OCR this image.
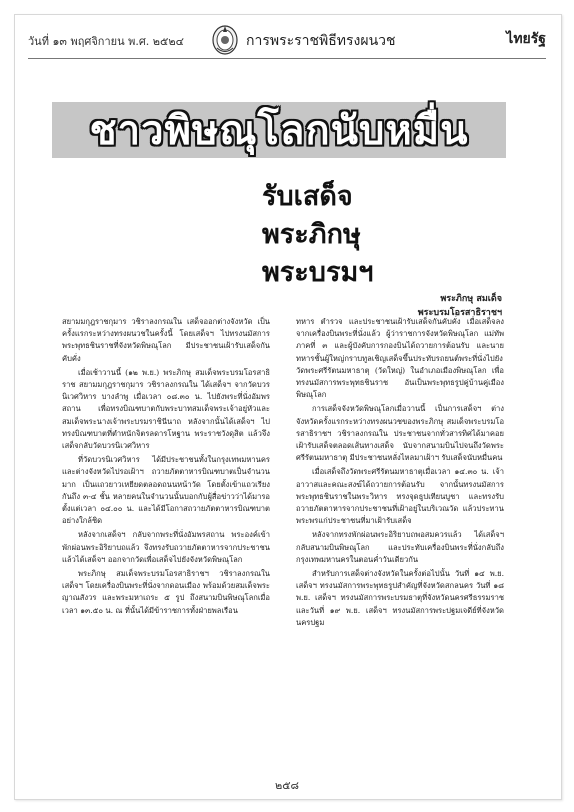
วันที่ ๑๓ พฤศจิกายน พ.ศ. ๒๕๒๔	การพระราชพิธีทรงผนวช	ไทยรัฐ
ชาวพิษณุโลกนับหมื่น
รับเสด็จ
พระภิกษุ
พระบรมฯ
พระภิกษุ สมเด็จ
พระบรมโอรสาธิราชฯ

สยามมกุฎราชกุมาร วชิราลงกรณใน เสด็จออกต่างจังหวัด เป็นครั้งแรกระหว่างทรงผนวชในครั้งนี้ โดยเสด็จฯ ไปทรงนมัสการพระพุทธชินราชที่จังหวัดพิษณุโลก มีประชาชนเฝ้ารับเสด็จกันคับคั่ง

เมื่อเช้าวานนี้ (๑๒ พ.ย.) พระภิกษุ สมเด็จพระบรมโอรสาธิราช สยามมกุฎราชกุมาร วชิราลงกรณใน ได้เสด็จฯ จากวัดบวรนิเวศวิหาร บางลำพู เมื่อเวลา ๐๘.๓๐ น. ไปยังพระที่นั่งอัมพรสถาน เพื่อทรงบิณฑบาตกับพระบาทสมเด็จพระเจ้าอยู่หัวและสมเด็จพระนางเจ้าพระบรมราชินีนาถ หลังจากนั้นได้เสด็จฯ ไปทรงบิณฑบาตที่ตำหนักจิตรลดารโหฐาน พระราชวังดุสิต แล้วจึงเสด็จกลับวัดบวรนิเวศวิหาร

ที่วัดบวรนิเวศวิหาร ได้มีประชาชนทั้งในกรุงเทพมหานครและต่างจังหวัดไปรอเฝ้าฯ ถวายภัตตาหารบิณฑบาตเป็นจำนวนมาก เป็นแถวยาวเหยียดตลอดถนนหน้าวัด โดยตั้งเข้าแถวเรียงกันถึง ๓-๔ ชั้น หลายคนในจำนวนนั้นบอกกับผู้สื่อข่าวว่าได้มารอตั้งแต่เวลา ๐๔.๐๐ น. และได้มีโอกาสถวายภัตตาหารบิณฑบาตอย่างใกล้ชิด

หลังจากเสด็จฯ กลับจากพระที่นั่งอัมพรสถาน พระองค์เข้าพักผ่อนพระอิริยาบถแล้ว จึงทรงรับถวายภัตตาหารจากประชาชน แล้วได้เสด็จฯ ออกจากวัดเพื่อเสด็จไปยังจังหวัดพิษณุโลก

พระภิกษุ สมเด็จพระบรมโอรสาธิราชฯ วชิราลงกรณใน เสด็จฯ โดยเครื่องบินพระที่นั่งจากดอนเมือง พร้อมด้วยสมเด็จพระญาณสังวร และพระมหาเถระ ๕ รูป ถึงสนามบินพิษณุโลกเมื่อเวลา ๑๓.๕๐ น. ณ ที่นั้นได้มีข้าราชการทั้งฝ่ายพลเรือน

ทหาร ตำรวจ และประชาชนเฝ้ารับเสด็จกันคับคั่ง เมื่อเสด็จลงจากเครื่องบินพระที่นั่งแล้ว ผู้ว่าราชการจังหวัดพิษณุโลก แม่ทัพภาคที่ ๓ และผู้บังคับการกองบินได้ถวายการต้อนรับ และนายทหารชั้นผู้ใหญ่กราบทูลเชิญเสด็จขึ้นประทับรถยนต์พระที่นั่งไปยังวัดพระศรีรัตนมหาธาตุ (วัดใหญ่) ในอำเภอเมืองพิษณุโลก เพื่อทรงนมัสการพระพุทธชินราช อันเป็นพระพุทธรูปคู่บ้านคู่เมืองพิษณุโลก

การเสด็จจังหวัดพิษณุโลกเมื่อวานนี้ เป็นการเสด็จฯ ต่างจังหวัดครั้งแรกระหว่างทรงผนวชของพระภิกษุ สมเด็จพระบรมโอรสาธิราชฯ วชิราลงกรณใน ประชาชนจากทั่วสารทิศได้มาคอยเฝ้ารับเสด็จตลอดเส้นทางเสด็จ นับจากสนามบินไปจนถึงวัดพระศรีรัตนมหาธาตุ มีประชาชนหลั่งไหลมาเฝ้าฯ รับเสด็จนับหมื่นคน

เมื่อเสด็จถึงวัดพระศรีรัตนมหาธาตุเมื่อเวลา ๑๔.๓๐ น. เจ้าอาวาสและคณะสงฆ์ได้ถวายการต้อนรับ จากนั้นทรงนมัสการพระพุทธชินราชในพระวิหาร ทรงจุดธูปเทียนบูชา และทรงรับถวายภัตตาหารจากประชาชนที่เฝ้าอยู่ในบริเวณวัด แล้วประทานพระพรแก่ประชาชนที่มาเฝ้ารับเสด็จ

หลังจากทรงพักผ่อนพระอิริยาบถพอสมควรแล้ว ได้เสด็จฯ กลับสนามบินพิษณุโลก และประทับเครื่องบินพระที่นั่งกลับถึงกรุงเทพมหานครในตอนค่ำวันเดียวกัน

สำหรับการเสด็จต่างจังหวัดในครั้งต่อไปนั้น วันที่ ๑๔ พ.ย. เสด็จฯ ทรงนมัสการพระพุทธรูปสำคัญที่จังหวัดสกลนคร วันที่ ๑๘ พ.ย. เสด็จฯ ทรงนมัสการพระบรมธาตุที่จังหวัดนครศรีธรรมราช และวันที่ ๑๙ พ.ย. เสด็จฯ ทรงนมัสการพระปฐมเจดีย์ที่จังหวัดนครปฐม

๒๕๘
